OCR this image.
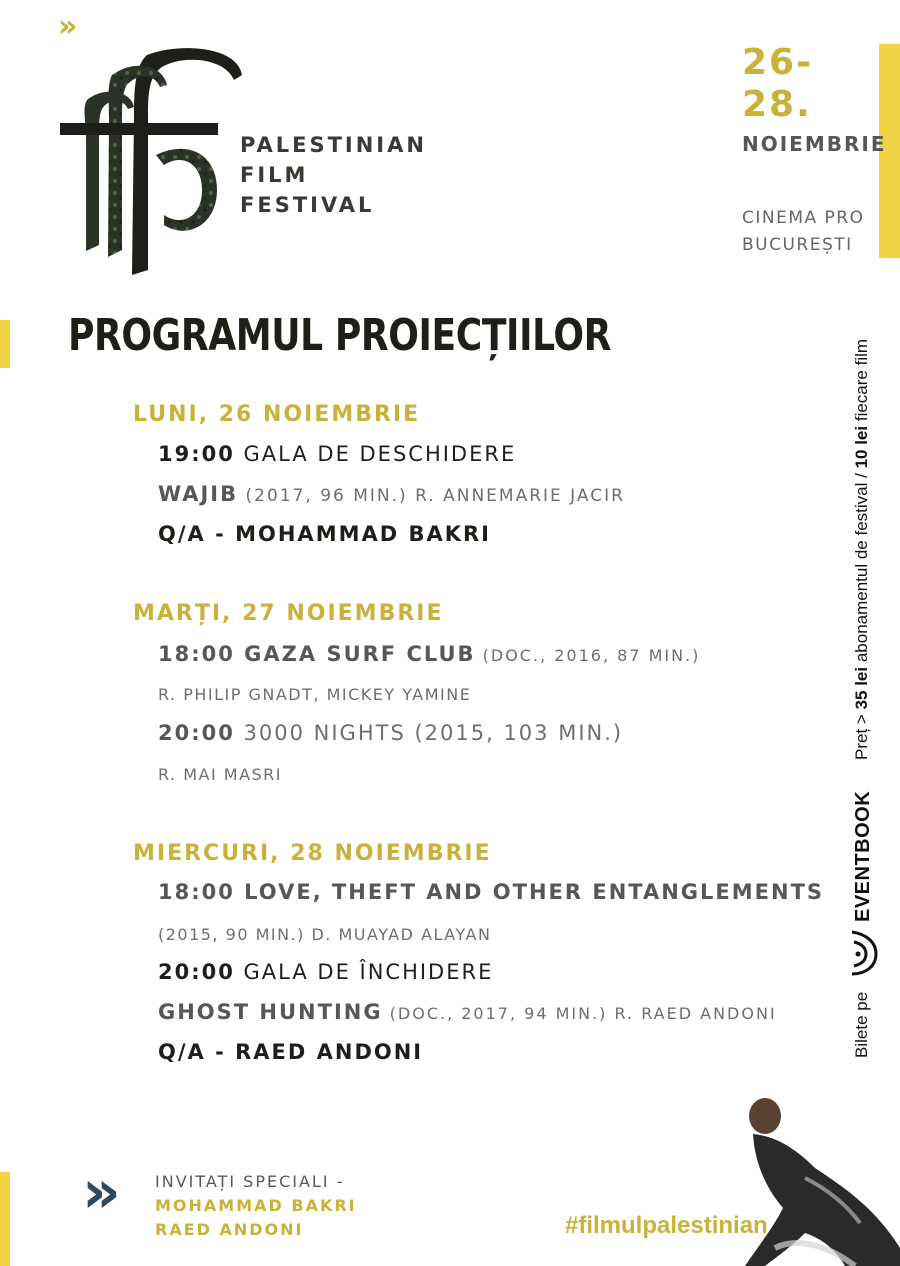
»
PALESTINIAN
FILM
FESTIVAL
26-
28.
NOIEMBRIE
CINEMA PRO
BUCUREȘTI
PROGRAMUL PROIECȚIILOR
LUNI, 26 NOIEMBRIE
19:00 GALA DE DESCHIDERE
WAJIB (2017, 96 MIN.) R. ANNEMARIE JACIR
Q/A - MOHAMMAD BAKRI
MARȚI, 27 NOIEMBRIE
18:00 GAZA SURF CLUB (DOC., 2016, 87 MIN.)
R. PHILIP GNADT, MICKEY YAMINE
20:00 3000 NIGHTS (2015, 103 MIN.)
R. MAI MASRI
MIERCURI, 28 NOIEMBRIE
18:00 LOVE, THEFT AND OTHER ENTANGLEMENTS
(2015, 90 MIN.) D. MUAYAD ALAYAN
20:00 GALA DE ÎNCHIDERE
GHOST HUNTING (DOC., 2017, 94 MIN.) R. RAED ANDONI
Q/A - RAED ANDONI
Preț > 35 lei abonamentul de festival / 10 lei fiecare film
Bilete pe
EVENTBOOK
»	INVITAȚI SPECIALI -
MOHAMMAD BAKRI
RAED ANDONI	#filmulpalestinian
